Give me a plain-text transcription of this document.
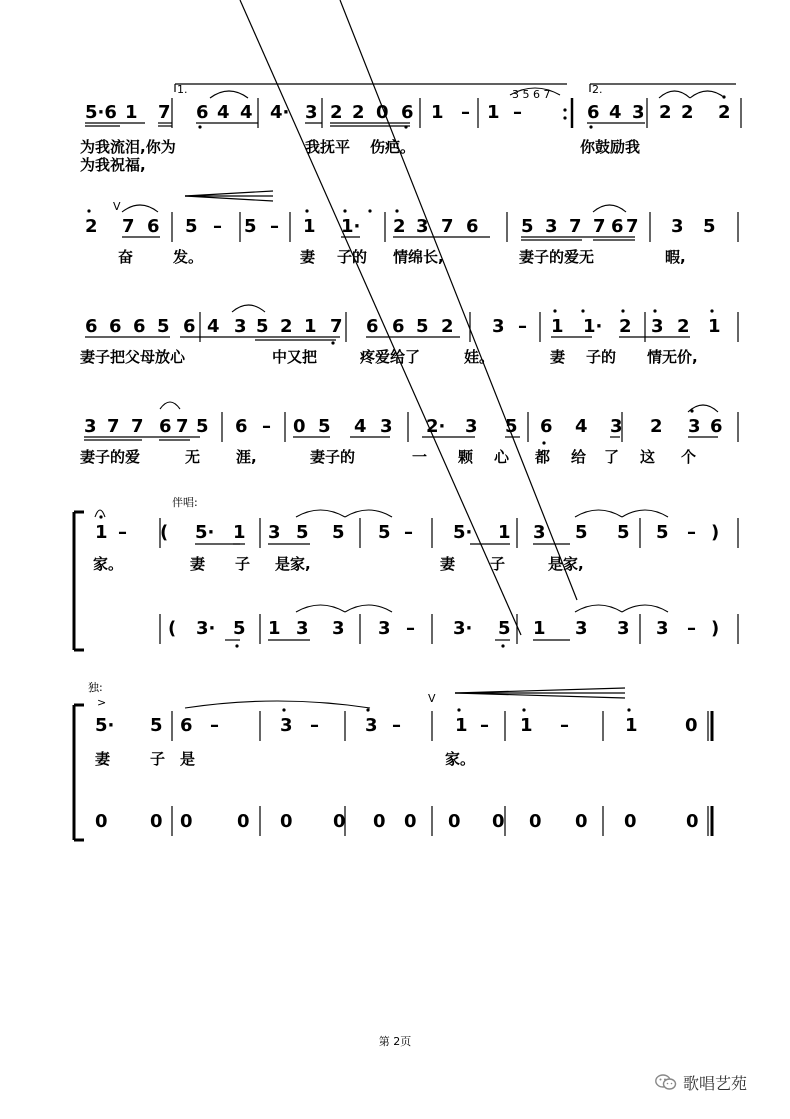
5·6 1 7 6 4 4 4· 3 2 2 0 6 1 – 1 –	6 4 3 2 2 2
1.	2.
3 5 6 7
为我流泪,你为	我抚平 伤疤。	你鼓励我
为我祝福,
2 7 6 5 – 5 – 1 1· 2 3 7 6 5 3 7 7 6 7 3 5
V
奋	发。	妻 子的 情绵长,	妻子的爱无	暇,
6 6 6 5 6 4 3 5 2 1 7 6 6 5 2 3 – 1 1· 2 3 2 1
妻子把父母放心	中又把	疼爱给了	娃。	妻 子的 情无价,
3 7 7 6 7 5 6 – 0 5 4 3 2· 3 5 6 4 3 2 3 6
妻子的爱	无 涯,	妻子的	一 颗 心 都 给 了 这 个
伴唱:
1 – ( 5· 1 3 5 5 5 – 5· 1 3 5 5 5 – )
家。	妻 子 是家,	妻 子	是家,
( 3· 5 1 3 3 3 – 3· 5 1 3 3 3 – )
独:
>
5· 5 6 –	3 –	3 –	1 – 1 –	1	0
V
妻	子 是	家。
0 0 0 0 0 0 0 0 0 0 0 0 0	0
第 2页
歌唱艺苑
